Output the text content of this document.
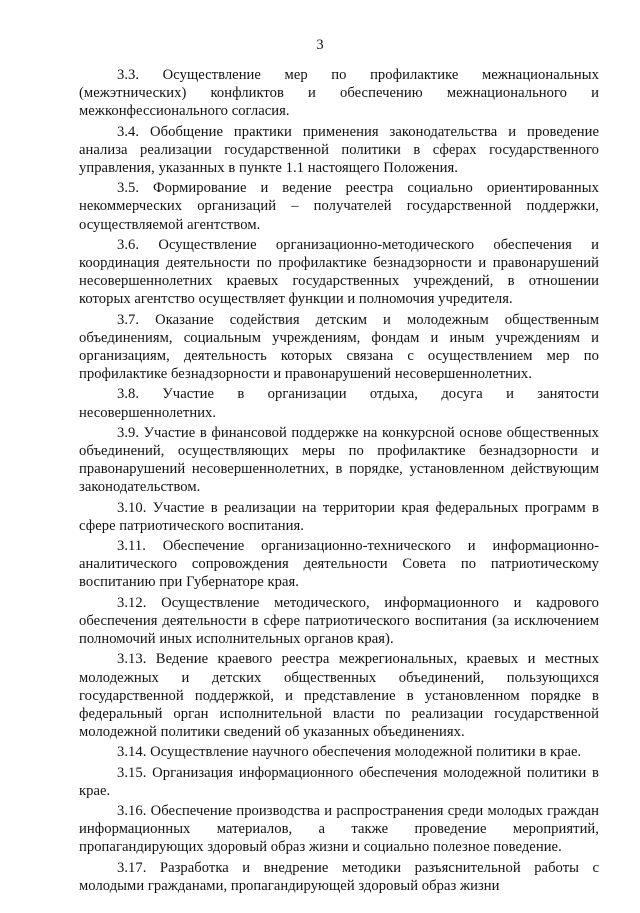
3

3.3. Осуществление мер по профилактике межнациональных (межэтнических) конфликтов и обеспечению межнационального и межконфессионального согласия.

3.4. Обобщение практики применения законодательства и проведение анализа реализации государственной политики в сферах государственного управления, указанных в пункте 1.1 настоящего Положения.

3.5. Формирование и ведение реестра социально ориентированных некоммерческих организаций – получателей государственной поддержки, осуществляемой агентством.

3.6. Осуществление организационно-методического обеспечения и координация деятельности по профилактике безнадзорности и правонарушений несовершеннолетних краевых государственных учреждений, в отношении которых агентство осуществляет функции и полномочия учредителя.

3.7. Оказание содействия детским и молодежным общественным объединениям, социальным учреждениям, фондам и иным учреждениям и организациям, деятельность которых связана с осуществлением мер по профилактике безнадзорности и правонарушений несовершеннолетних.

3.8. Участие в организации отдыха, досуга и занятости несовершеннолетних.

3.9. Участие в финансовой поддержке на конкурсной основе общественных объединений, осуществляющих меры по профилактике безнадзорности и правонарушений несовершеннолетних, в порядке, установленном действующим законодательством.

3.10. Участие в реализации на территории края федеральных программ в сфере патриотического воспитания.

3.11. Обеспечение организационно-технического и информационно-аналитического сопровождения деятельности Совета по патриотическому воспитанию при Губернаторе края.

3.12. Осуществление методического, информационного и кадрового обеспечения деятельности в сфере патриотического воспитания (за исключением полномочий иных исполнительных органов края).

3.13. Ведение краевого реестра межрегиональных, краевых и местных молодежных и детских общественных объединений, пользующихся государственной поддержкой, и представление в установленном порядке в федеральный орган исполнительной власти по реализации государственной молодежной политики сведений об указанных объединениях.

3.14. Осуществление научного обеспечения молодежной политики в крае.

3.15. Организация информационного обеспечения молодежной политики в крае.

3.16. Обеспечение производства и распространения среди молодых граждан информационных материалов, а также проведение мероприятий, пропагандирующих здоровый образ жизни и социально полезное поведение.

3.17. Разработка и внедрение методики разъяснительной работы с молодыми гражданами, пропагандирующей здоровый образ жизни
